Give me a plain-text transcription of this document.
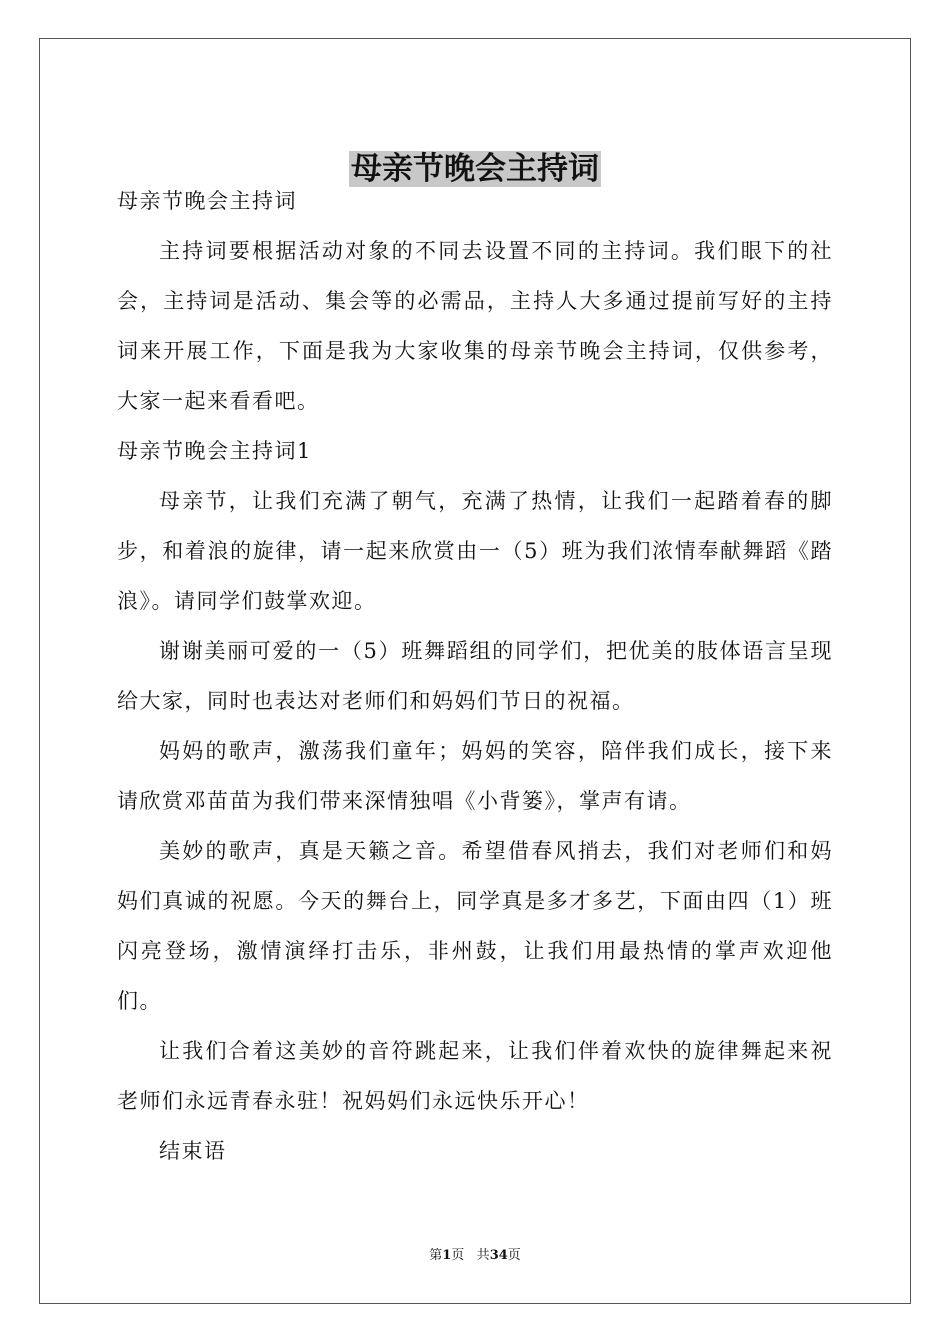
母亲节晚会主持词

母亲节晚会主持词

主持词要根据活动对象的不同去设置不同的主持词。我们眼下的社会，主持词是活动、集会等的必需品，主持人大多通过提前写好的主持词来开展工作，下面是我为大家收集的母亲节晚会主持词，仅供参考，大家一起来看看吧。

母亲节晚会主持词1

母亲节，让我们充满了朝气，充满了热情，让我们一起踏着春的脚步，和着浪的旋律，请一起来欣赏由一（5）班为我们浓情奉献舞蹈《踏浪》。请同学们鼓掌欢迎。

谢谢美丽可爱的一（5）班舞蹈组的同学们，把优美的肢体语言呈现给大家，同时也表达对老师们和妈妈们节日的祝福。

妈妈的歌声，激荡我们童年；妈妈的笑容，陪伴我们成长，接下来请欣赏邓苗苗为我们带来深情独唱《小背篓》，掌声有请。

美妙的歌声，真是天籁之音。希望借春风捎去，我们对老师们和妈妈们真诚的祝愿。今天的舞台上，同学真是多才多艺，下面由四（1）班闪亮登场，激情演绎打击乐，非州鼓，让我们用最热情的掌声欢迎他们。

让我们合着这美妙的音符跳起来，让我们伴着欢快的旋律舞起来祝老师们永远青春永驻！祝妈妈们永远快乐开心！

结束语

第1页 共34页
